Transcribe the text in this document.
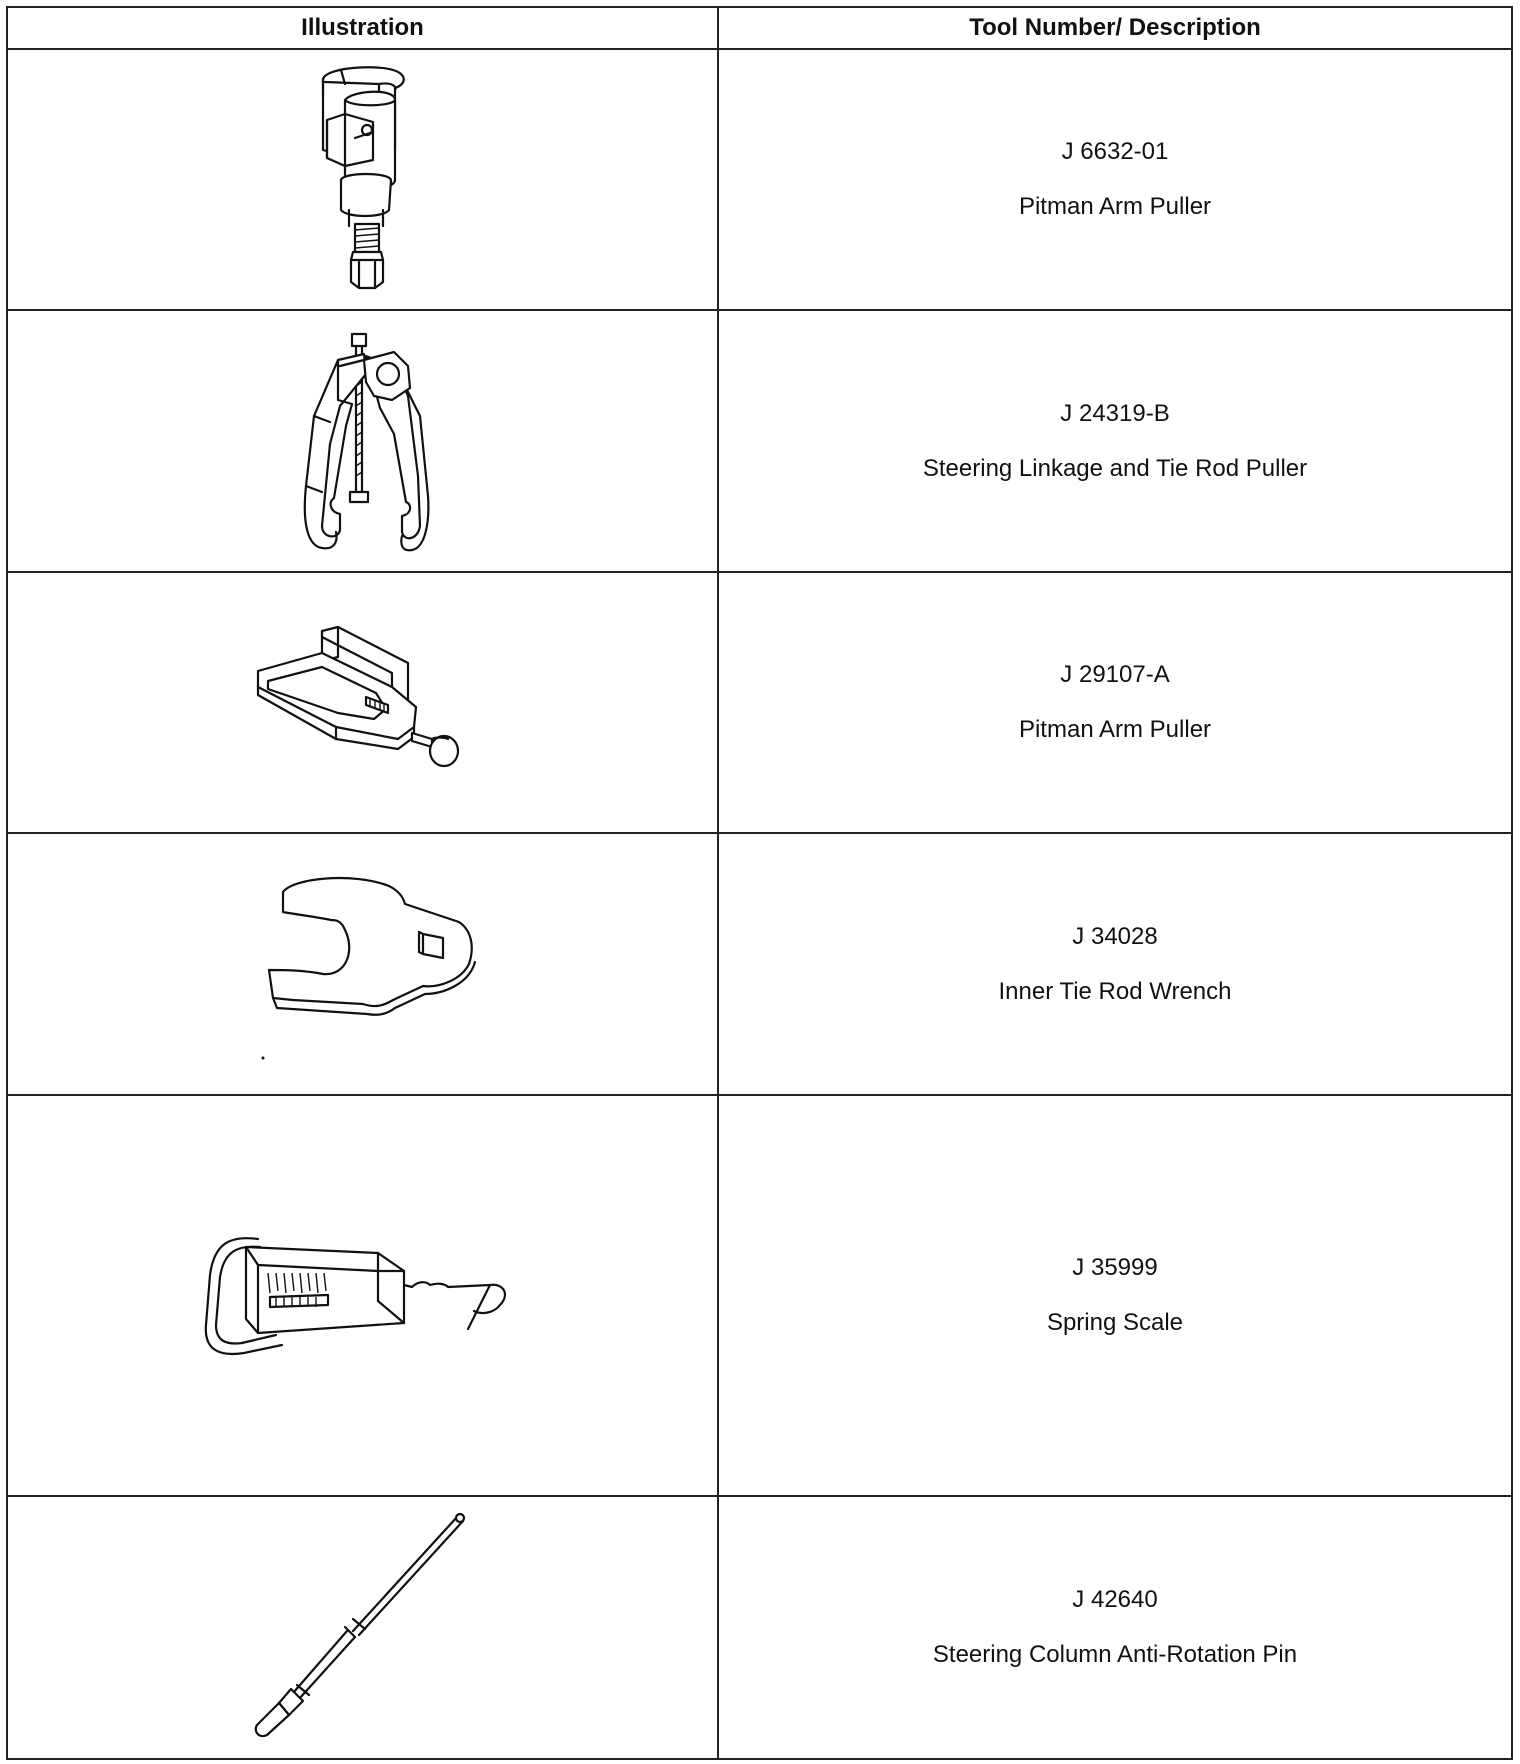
Illustration	Tool Number/ Description

J 6632-01
Pitman Arm Puller

J 24319-B
Steering Linkage and Tie Rod Puller

J 29107-A
Pitman Arm Puller

J 34028
Inner Tie Rod Wrench

J 35999
Spring Scale

J 42640
Steering Column Anti-Rotation Pin
